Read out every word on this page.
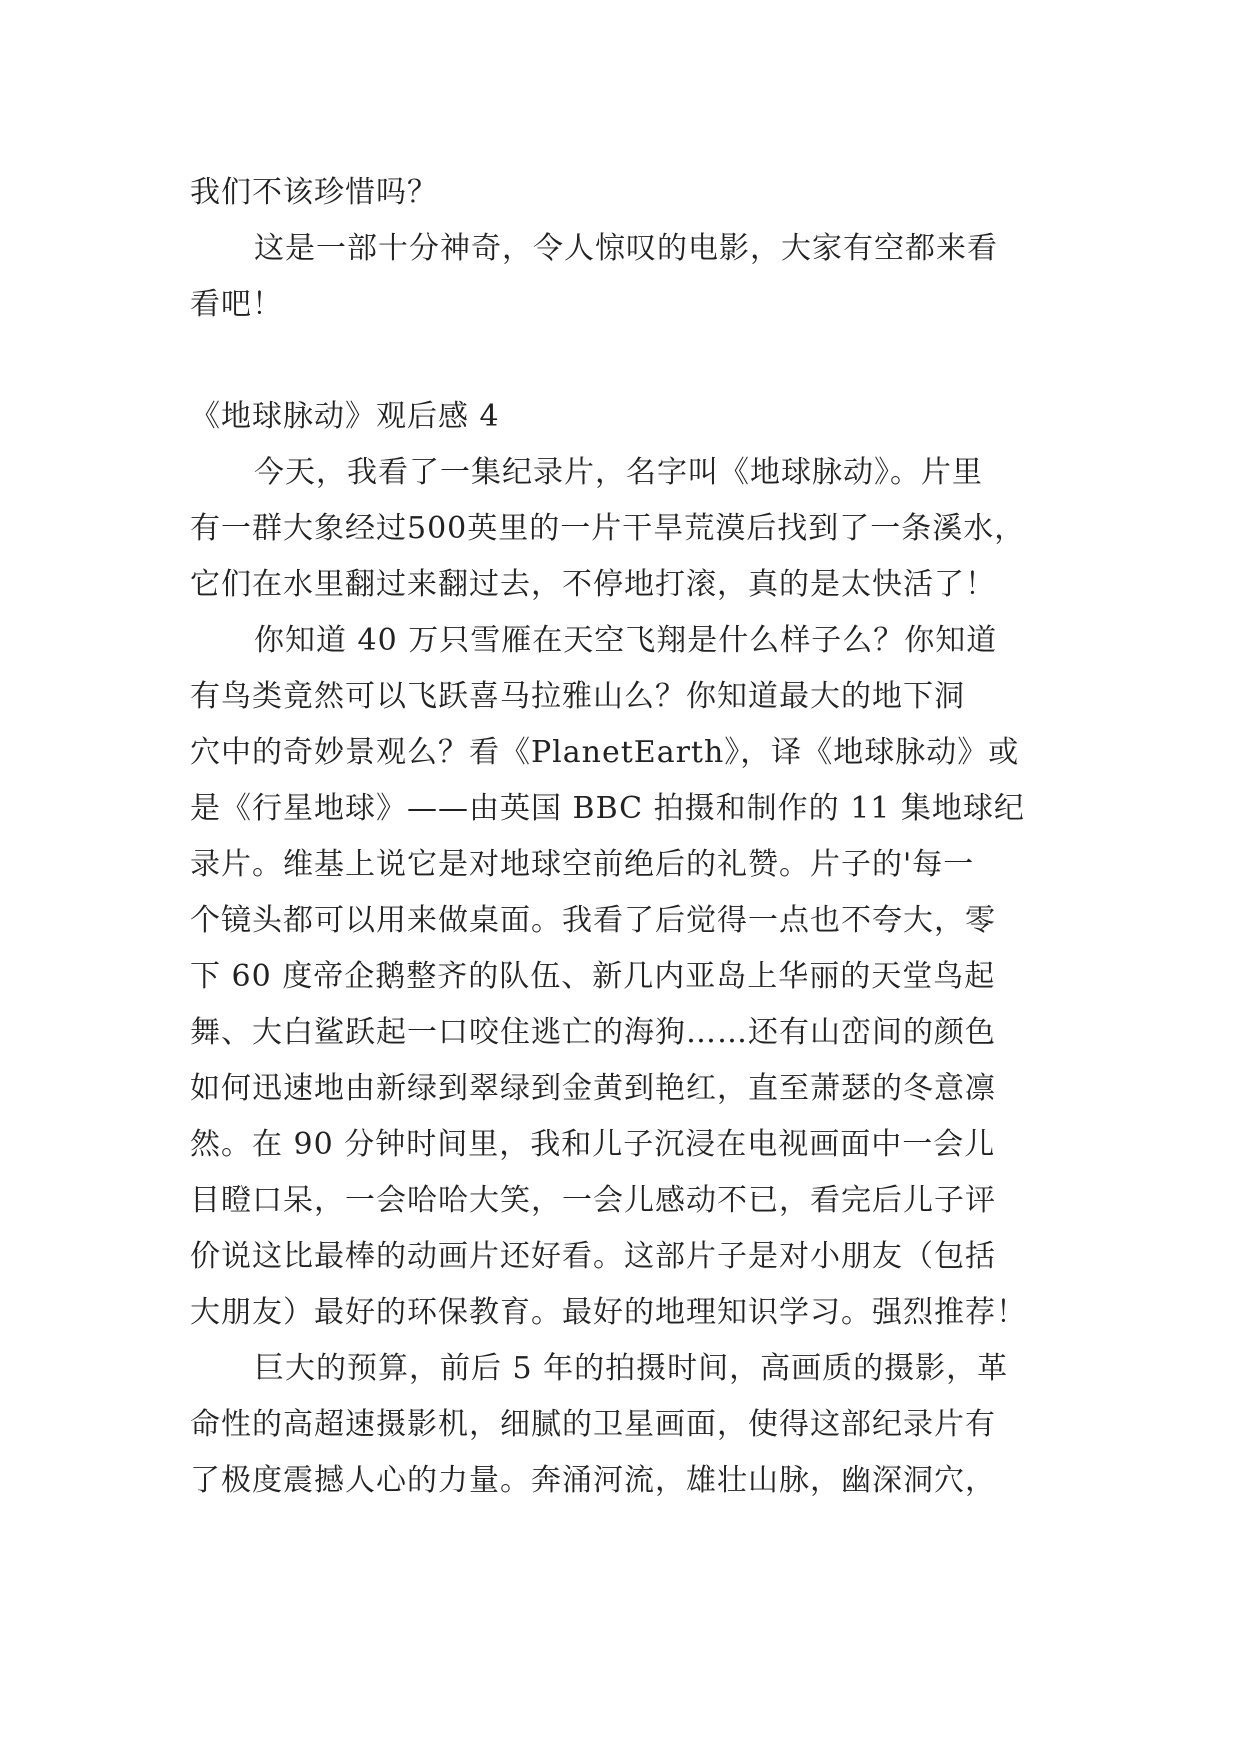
我们不该珍惜吗？
这是一部十分神奇，令人惊叹的电影，大家有空都来看
看吧！
《地球脉动》观后感 4
今天，我看了一集纪录片，名字叫《地球脉动》。片里
有一群大象经过500英里的一片干旱荒漠后找到了一条溪水，
它们在水里翻过来翻过去，不停地打滚，真的是太快活了！
你知道 40 万只雪雁在天空飞翔是什么样子么？你知道
有鸟类竟然可以飞跃喜马拉雅山么？你知道最大的地下洞
穴中的奇妙景观么？看《PlanetEarth》，译《地球脉动》或
是《行星地球》——由英国 BBC 拍摄和制作的 11 集地球纪
录片。维基上说它是对地球空前绝后的礼赞。片子的'每一
个镜头都可以用来做桌面。我看了后觉得一点也不夸大，零
下 60 度帝企鹅整齐的队伍、新几内亚岛上华丽的天堂鸟起
舞、大白鲨跃起一口咬住逃亡的海狗……还有山峦间的颜色
如何迅速地由新绿到翠绿到金黄到艳红，直至萧瑟的冬意凛
然。在 90 分钟时间里，我和儿子沉浸在电视画面中一会儿
目瞪口呆，一会哈哈大笑，一会儿感动不已，看完后儿子评
价说这比最棒的动画片还好看。这部片子是对小朋友（包括
大朋友）最好的环保教育。最好的地理知识学习。强烈推荐！
巨大的预算，前后 5 年的拍摄时间，高画质的摄影，革
命性的高超速摄影机，细腻的卫星画面，使得这部纪录片有
了极度震撼人心的力量。奔涌河流，雄壮山脉，幽深洞穴，
